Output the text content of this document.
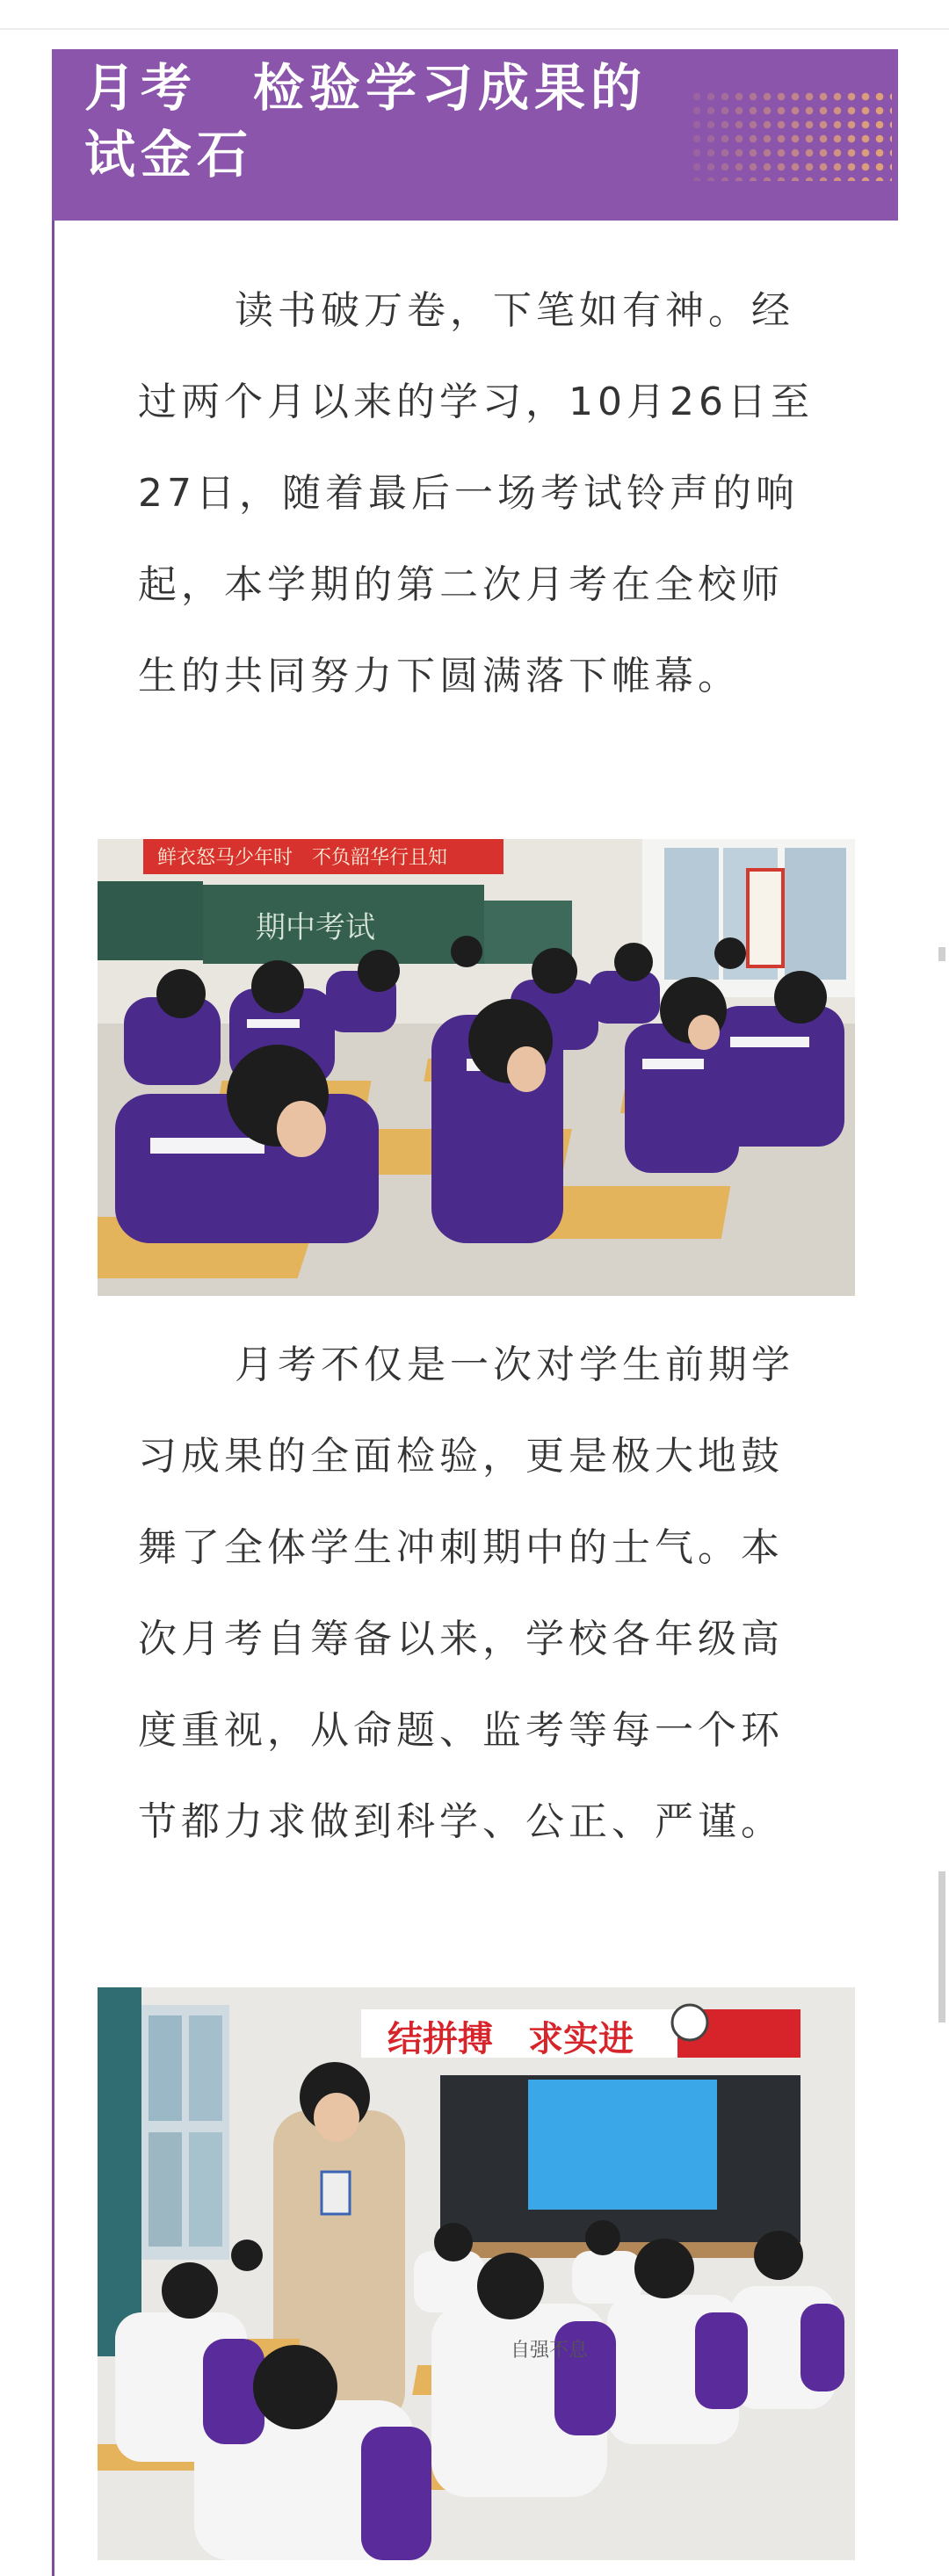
月考　检验学习成果的
试金石

读书破万卷，下笔如有神。经过两个月以来的学习，10月26日至27日，随着最后一场考试铃声的响起，本学期的第二次月考在全校师生的共同努力下圆满落下帷幕。

期中考试
鲜衣怒马少年时　不负韶华行且知

月考不仅是一次对学生前期学习成果的全面检验，更是极大地鼓舞了全体学生冲刺期中的士气。本次月考自筹备以来，学校各年级高度重视，从命题、监考等每一个环节都力求做到科学、公正、严谨。

结拼搏　求实进
自强不息
